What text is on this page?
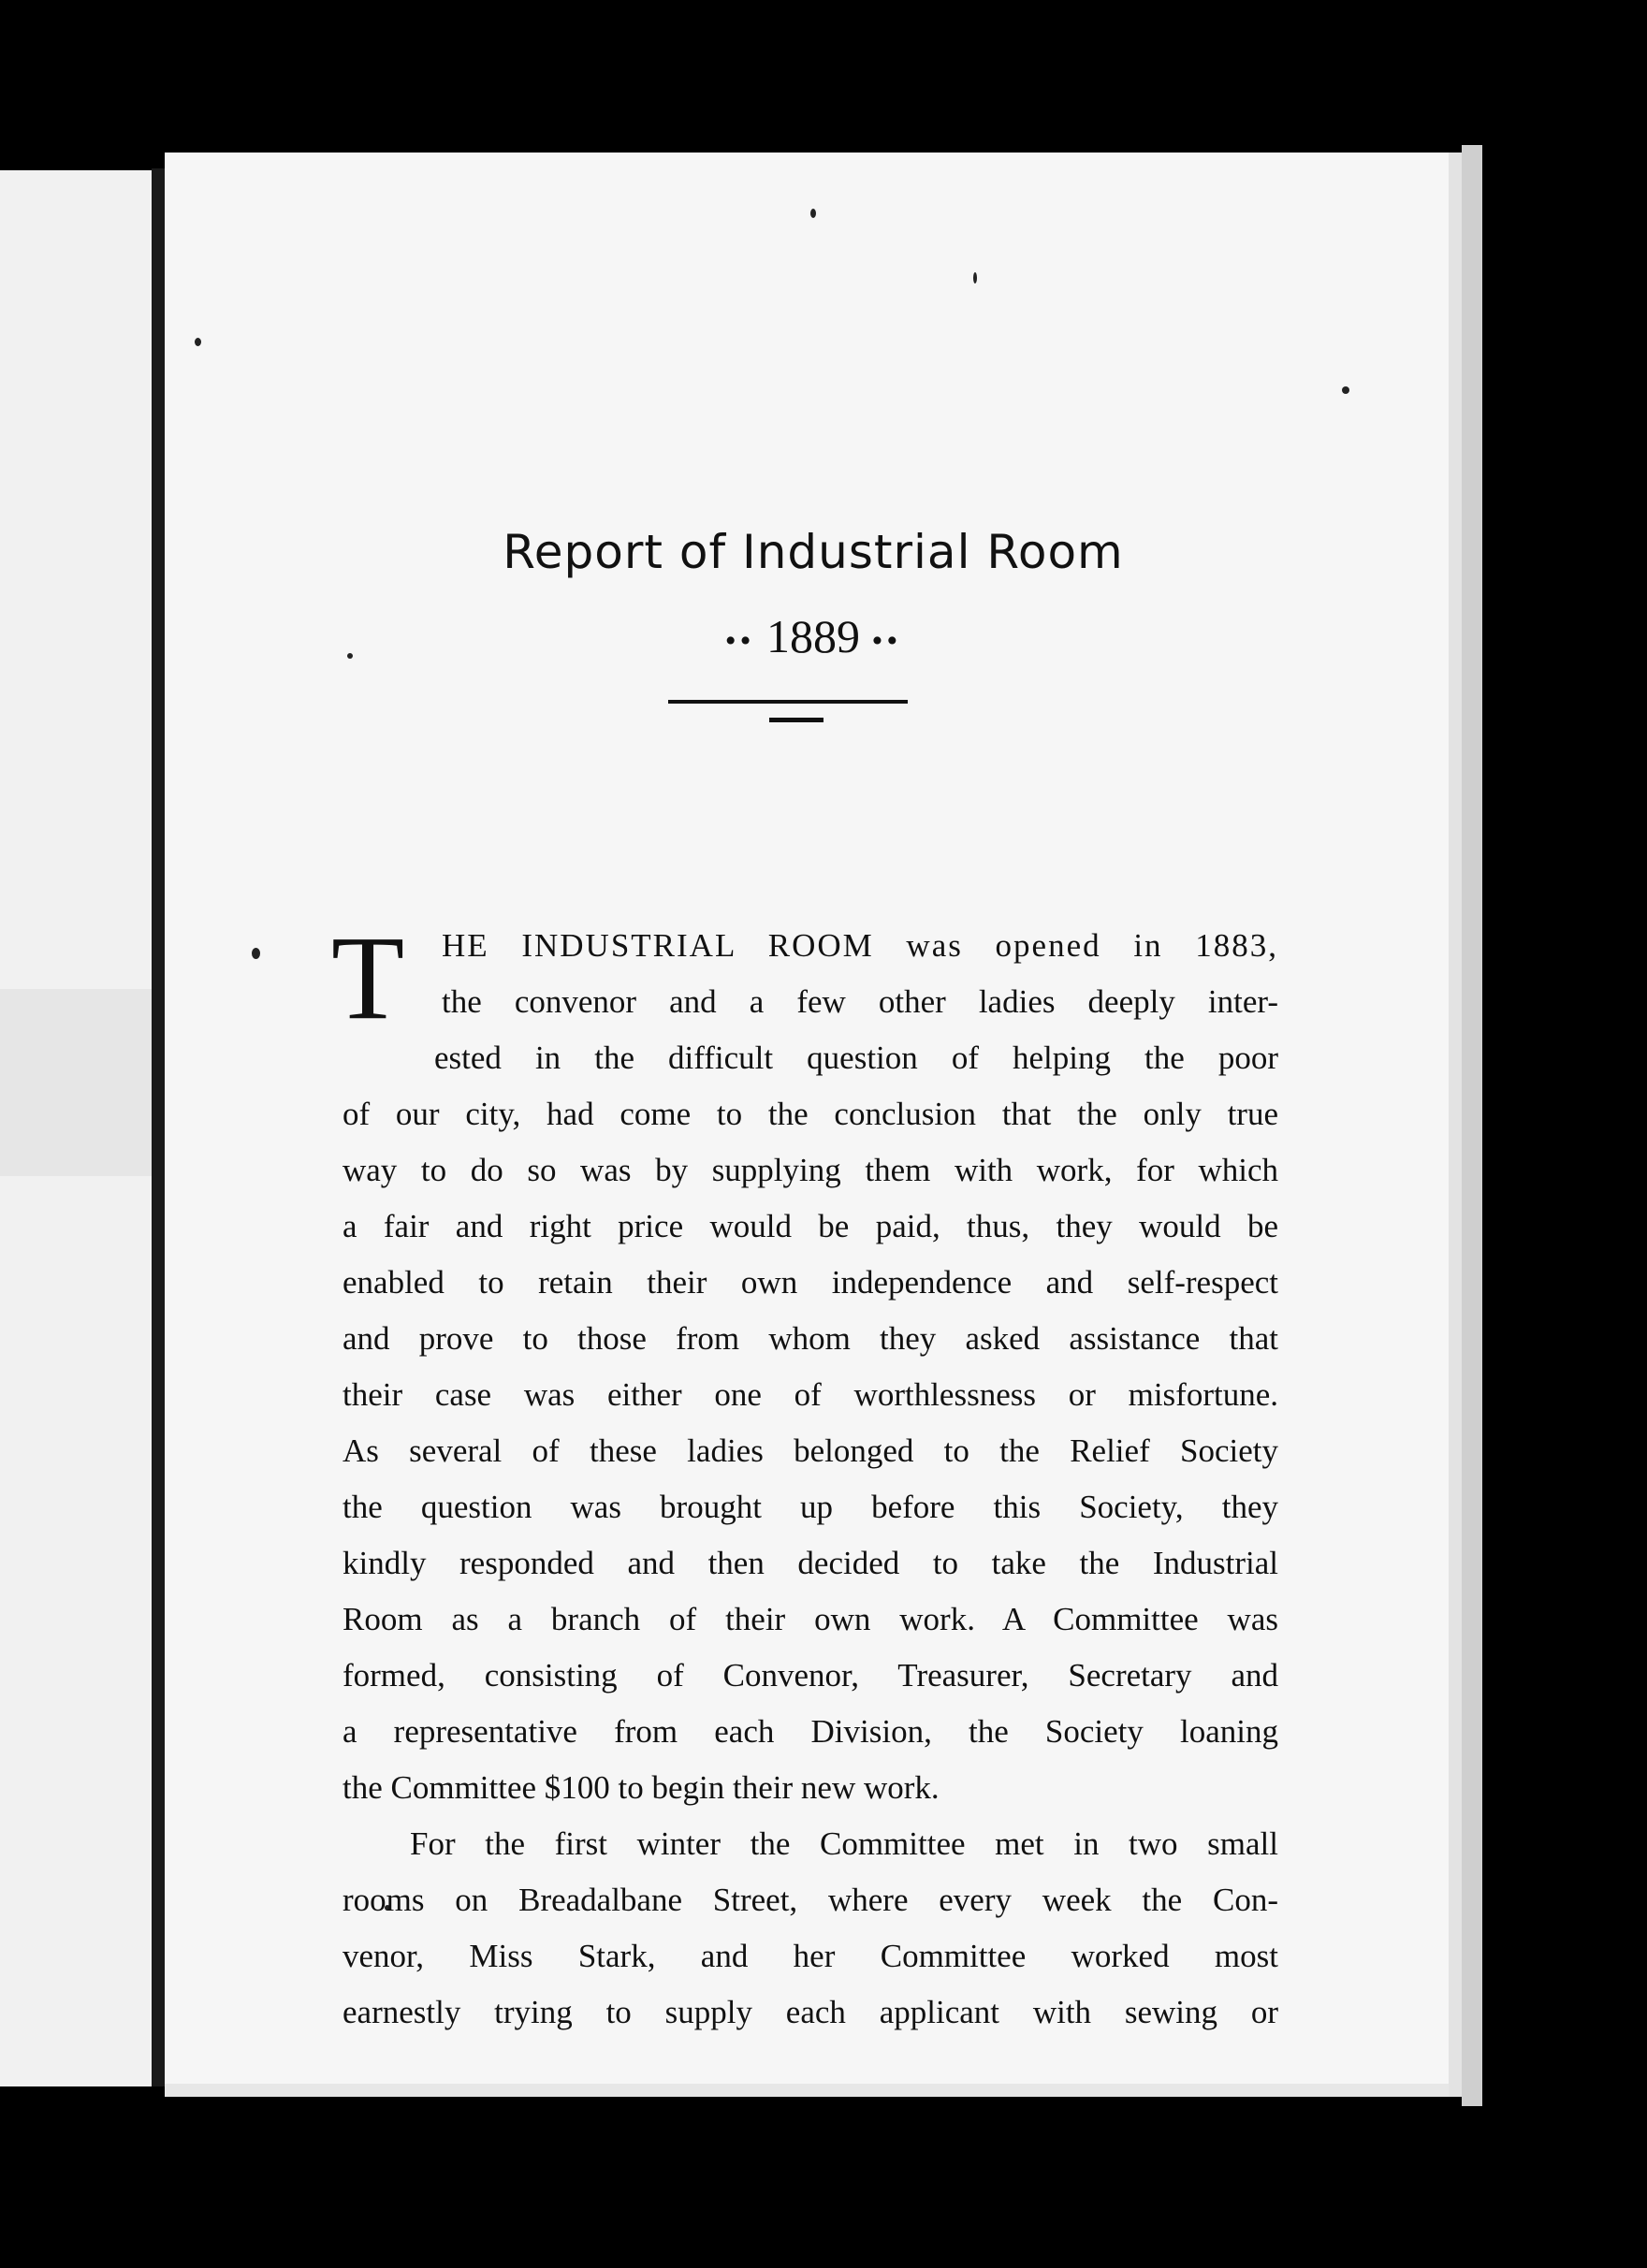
Report of Industrial Room
•• 1889 ••
T	HE INDUSTRIAL ROOM was opened in 1883,
the convenor and a few other ladies deeply inter-
ested in the difficult question of helping the poor
of our city, had come to the conclusion that the only true
way to do so was by supplying them with work, for which
a fair and right price would be paid, thus, they would be
enabled to retain their own independence and self-respect
and prove to those from whom they asked assistance that
their case was either one of worthlessness or misfortune.
As several of these ladies belonged to the Relief Society
the question was brought up before this Society, they
kindly responded and then decided to take the Industrial
Room as a branch of their own work. A Committee was
formed, consisting of Convenor, Treasurer, Secretary and
a representative from each Division, the Society loaning
the Committee $100 to begin their new work.
For the first winter the Committee met in two small
rooms on Breadalbane Street, where every week the Con-
venor, Miss Stark, and her Committee worked most
earnestly trying to supply each applicant with sewing or
